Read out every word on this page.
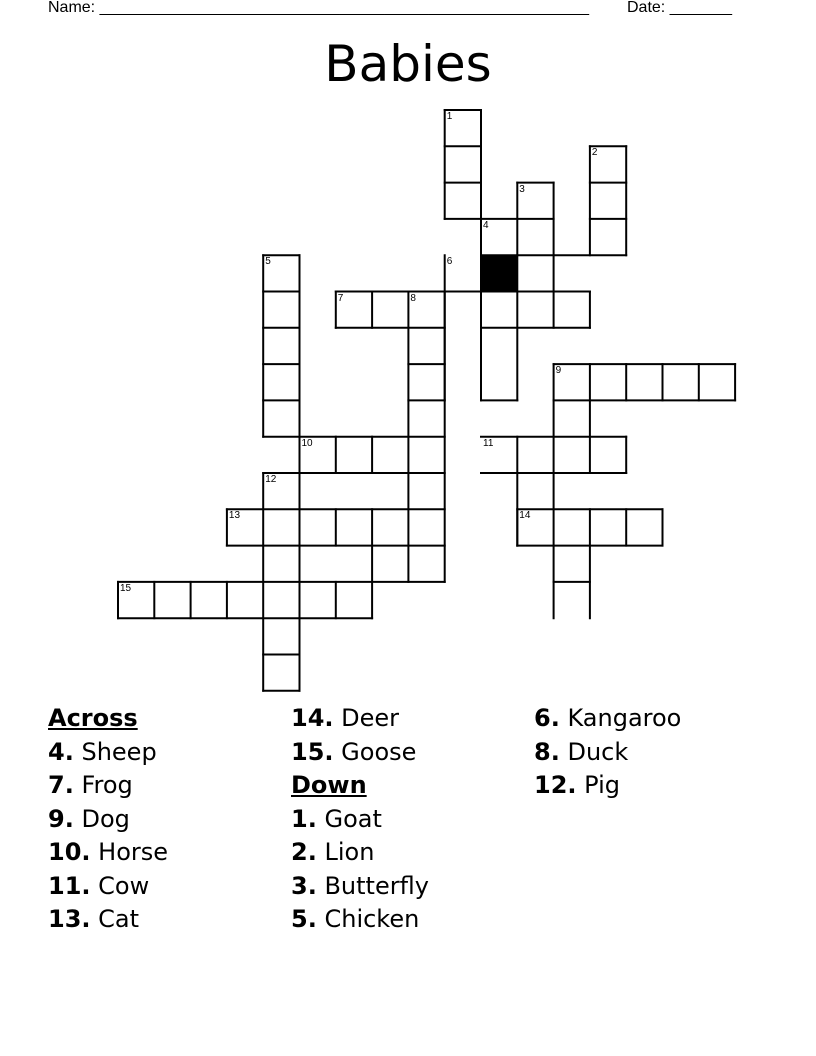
Name: _______________________________________________________ Date: _______
Babies
1
2
3
4
5	6
7	8
9
10	11
12
13	14
15
Across
4. Sheep
7. Frog
9. Dog
10. Horse
11. Cow
13. Cat
14. Deer
15. Goose
Down
1. Goat
2. Lion
3. Butterfly
5. Chicken
6. Kangaroo
8. Duck
12. Pig
